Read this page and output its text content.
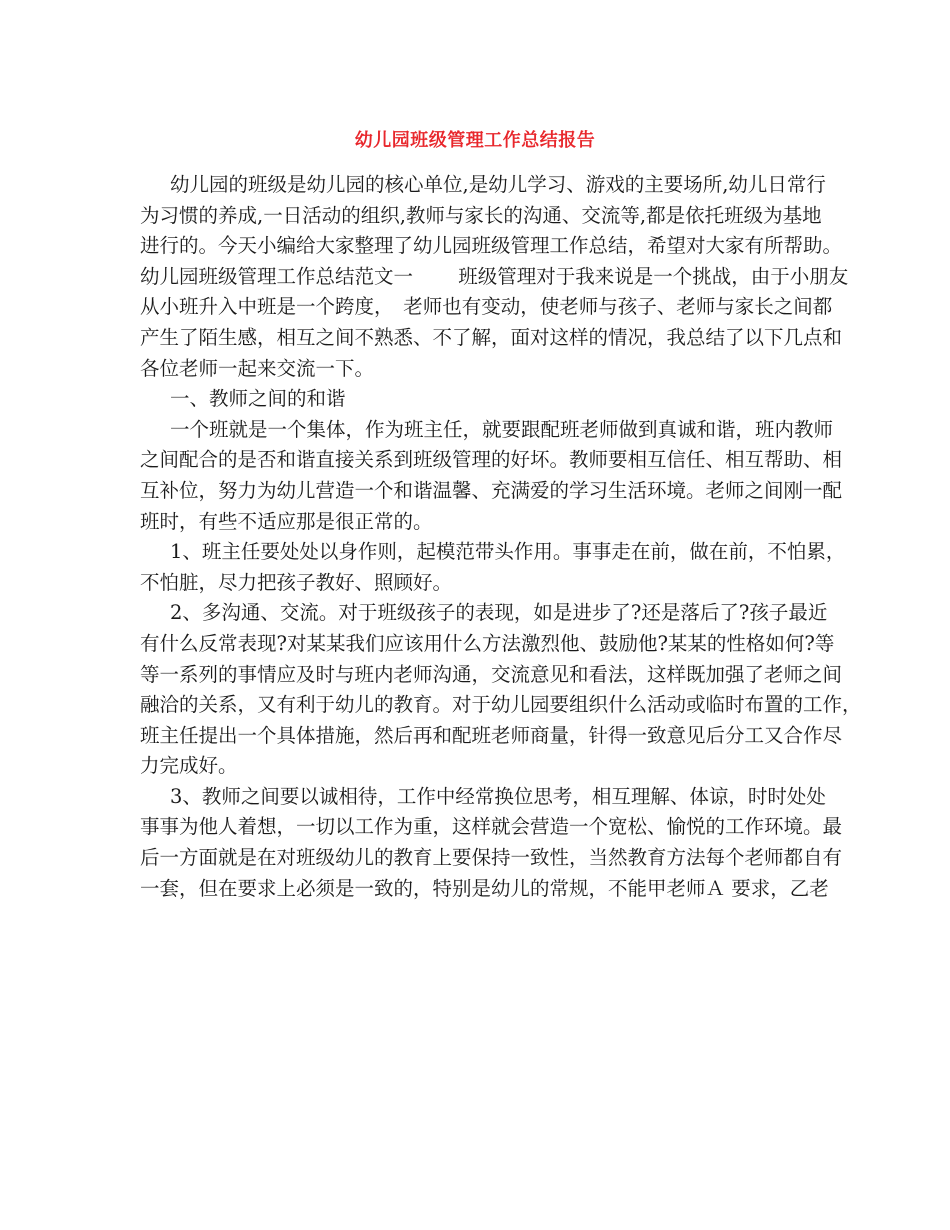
幼儿园班级管理工作总结报告
幼儿园的班级是幼儿园的核心单位,是幼儿学习、游戏的主要场所,幼儿日常行
为习惯的养成,一日活动的组织,教师与家长的沟通、交流等,都是依托班级为基地
进行的。今天小编给大家整理了幼儿园班级管理工作总结，希望对大家有所帮助。
幼儿园班级管理工作总结范文一　　 班级管理对于我来说是一个挑战，由于小朋友
从小班升入中班是一个跨度，　老师也有变动，使老师与孩子、老师与家长之间都
产生了陌生感，相互之间不熟悉、不了解，面对这样的情况，我总结了以下几点和
各位老师一起来交流一下。
一、教师之间的和谐
一个班就是一个集体，作为班主任，就要跟配班老师做到真诚和谐，班内教师
之间配合的是否和谐直接关系到班级管理的好坏。教师要相互信任、相互帮助、相
互补位，努力为幼儿营造一个和谐温馨、充满爱的学习生活环境。老师之间刚一配
班时，有些不适应那是很正常的。
1、班主任要处处以身作则，起模范带头作用。事事走在前，做在前，不怕累，
不怕脏，尽力把孩子教好、照顾好。
2、多沟通、交流。对于班级孩子的表现，如是进步了?还是落后了?孩子最近
有什么反常表现?对某某我们应该用什么方法激烈他、鼓励他?某某的性格如何?等
等一系列的事情应及时与班内老师沟通，交流意见和看法，这样既加强了老师之间
融洽的关系，又有利于幼儿的教育。对于幼儿园要组织什么活动或临时布置的工作，
班主任提出一个具体措施，然后再和配班老师商量，针得一致意见后分工又合作尽
力完成好。
3、教师之间要以诚相待，工作中经常换位思考，相互理解、体谅，时时处处
事事为他人着想，一切以工作为重，这样就会营造一个宽松、愉悦的工作环境。最
后一方面就是在对班级幼儿的教育上要保持一致性，当然教育方法每个老师都自有
一套，但在要求上必须是一致的，特别是幼儿的常规，不能甲老师Ａ 要求，乙老
